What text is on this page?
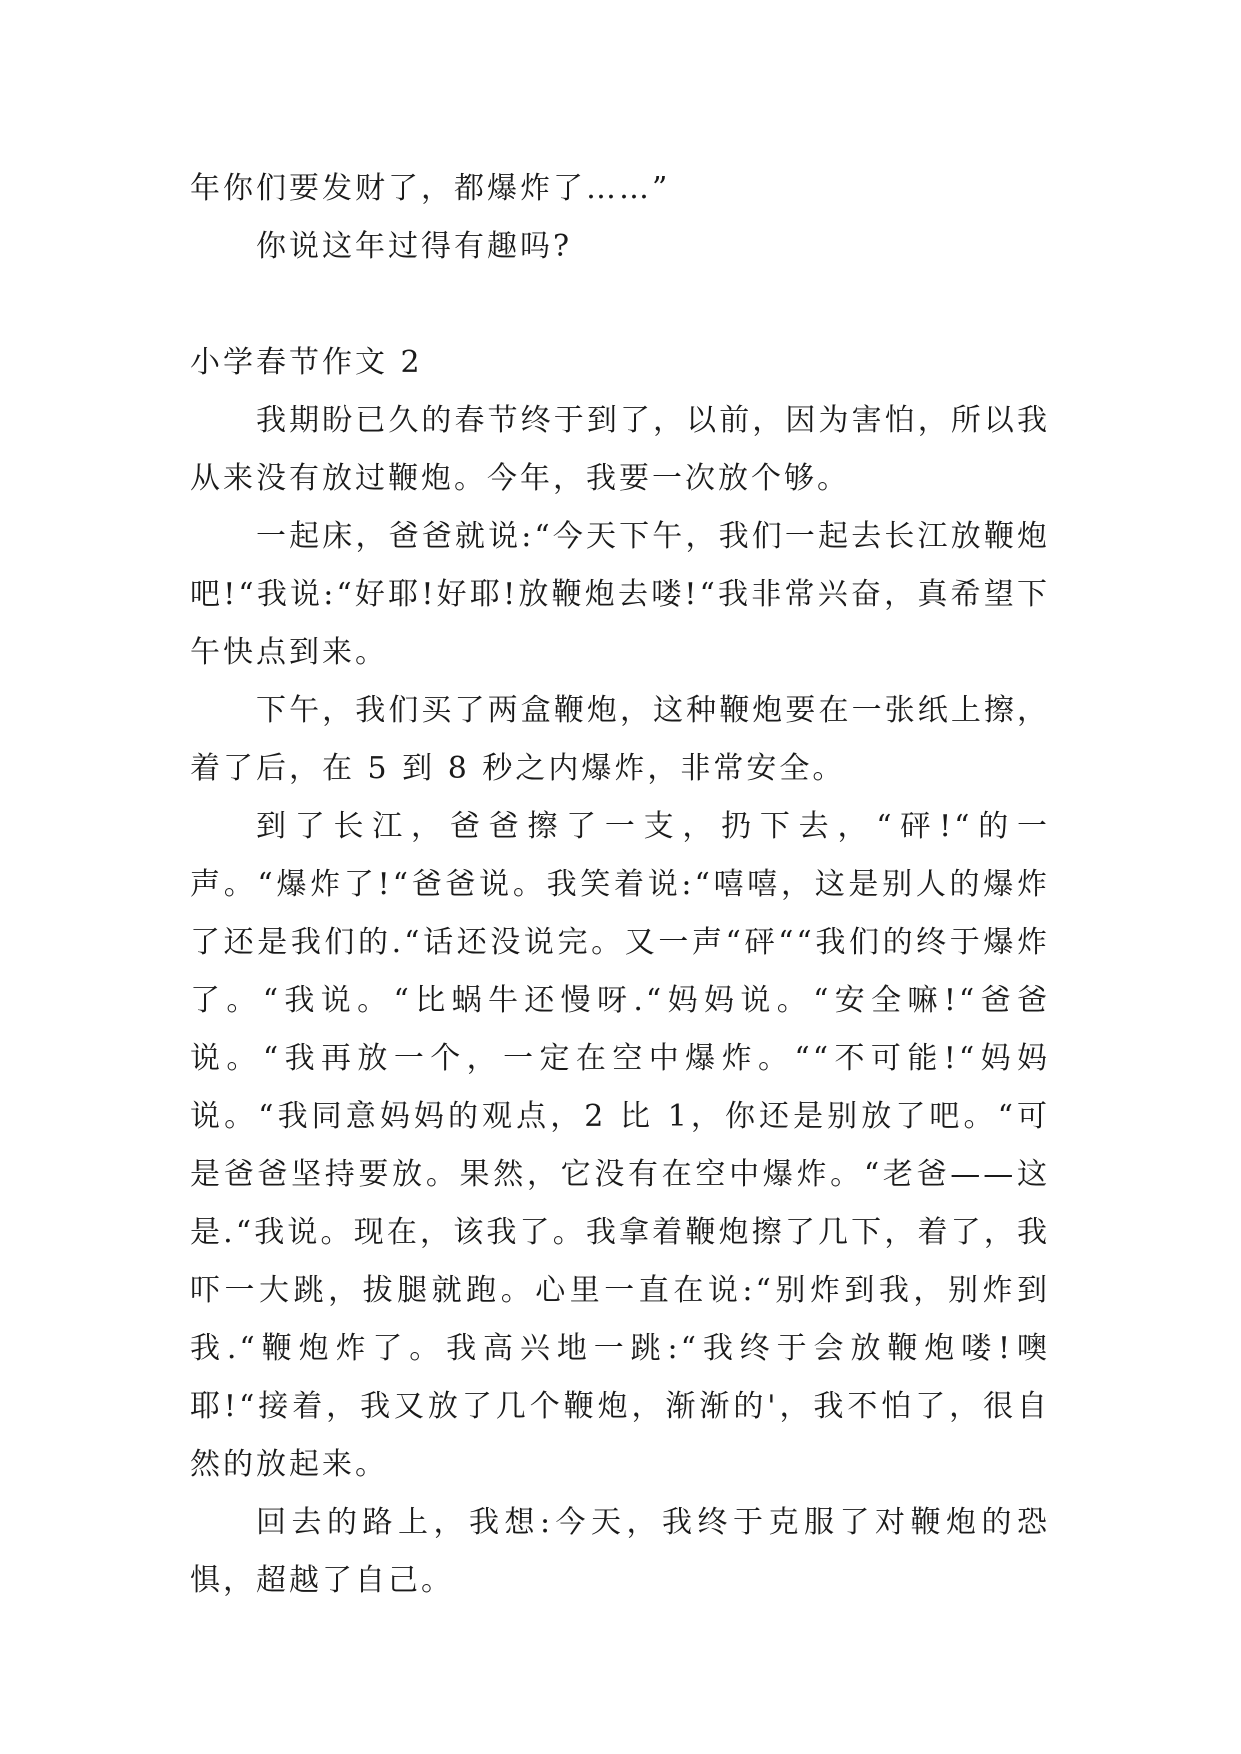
年你们要发财了，都爆炸了……”

你说这年过得有趣吗?

小学春节作文 2

我期盼已久的春节终于到了，以前，因为害怕，所以我从来没有放过鞭炮。今年，我要一次放个够。

一起床，爸爸就说:“今天下午，我们一起去长江放鞭炮吧!“我说:“好耶!好耶!放鞭炮去喽!“我非常兴奋，真希望下午快点到来。

下午，我们买了两盒鞭炮，这种鞭炮要在一张纸上擦，着了后，在 5 到 8 秒之内爆炸，非常安全。

到了长江，爸爸擦了一支，扔下去，“砰!“的一声。“爆炸了!“爸爸说。我笑着说:“嘻嘻，这是别人的爆炸了还是我们的.“话还没说完。又一声“砰““我们的终于爆炸了。“我说。“比蜗牛还慢呀.“妈妈说。“安全嘛!“爸爸说。“我再放一个，一定在空中爆炸。““不可能!“妈妈说。“我同意妈妈的观点，2 比 1，你还是别放了吧。“可是爸爸坚持要放。果然，它没有在空中爆炸。“老爸——这是.“我说。现在，该我了。我拿着鞭炮擦了几下，着了，我吓一大跳，拔腿就跑。心里一直在说:“别炸到我，别炸到我.“鞭炮炸了。我高兴地一跳:“我终于会放鞭炮喽!噢耶!“接着，我又放了几个鞭炮，渐渐的'，我不怕了，很自然的放起来。

回去的路上，我想:今天，我终于克服了对鞭炮的恐惧，超越了自己。
